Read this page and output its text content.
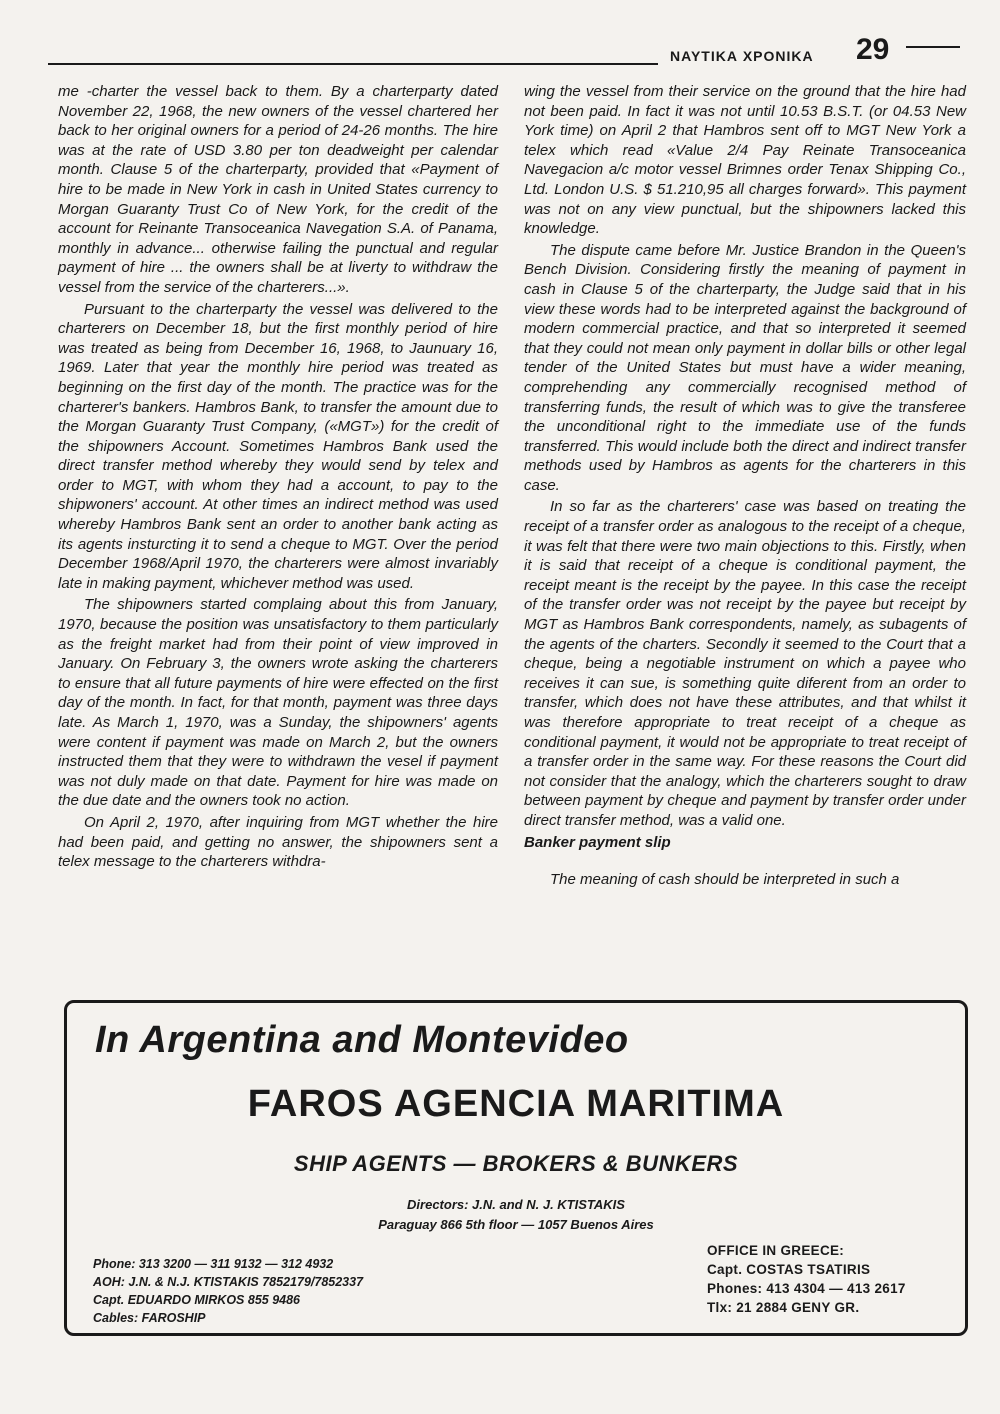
ΝΑΥΤΙΚΑ ΧΡΟΝΙΚΑ 29

me -charter the vessel back to them. By a charterparty dated November 22, 1968, the new owners of the vessel chartered her back to her original owners for a period of 24-26 months. The hire was at the rate of USD 3.80 per ton deadweight per calendar month. Clause 5 of the charterparty, provided that «Payment of hire to be made in New York in cash in United States currency to Morgan Guaranty Trust Co of New York, for the credit of the account for Reinante Transoceanica Navegation S.A. of Panama, monthly in advance... otherwise failing the punctual and regular payment of hire ... the owners shall be at liverty to withdraw the vessel from the service of the charterers...».

Pursuant to the charterparty the vessel was delivered to the charterers on December 18, but the first monthly period of hire was treated as being from December 16, 1968, to Jaunuary 16, 1969. Later that year the monthly hire period was treated as beginning on the first day of the month. The practice was for the charterer's bankers. Hambros Bank, to transfer the amount due to the Morgan Guaranty Trust Company, («MGT») for the credit of the shipowners Account. Sometimes Hambros Bank used the direct transfer method whereby they would send by telex and order to MGT, with whom they had a account, to pay to the shipwoners' account. At other times an indirect method was used whereby Hambros Bank sent an order to another bank acting as its agents insturcting it to send a cheque to MGT. Over the period December 1968/April 1970, the charterers were almost invariably late in making payment, whichever method was used.

The shipowners started complaing about this from January, 1970, because the position was unsatisfactory to them particularly as the freight market had from their point of view improved in January. On February 3, the owners wrote asking the charterers to ensure that all future payments of hire were effected on the first day of the month. In fact, for that month, payment was three days late. As March 1, 1970, was a Sunday, the shipowners' agents were content if payment was made on March 2, but the owners instructed them that they were to withdrawn the vesel if payment was not duly made on that date. Payment for hire was made on the due date and the owners took no action.

On April 2, 1970, after inquiring from MGT whether the hire had been paid, and getting no answer, the shipowners sent a telex message to the charterers withdra-

wing the vessel from their service on the ground that the hire had not been paid. In fact it was not until 10.53 B.S.T. (or 04.53 New York time) on April 2 that Hambros sent off to MGT New York a telex which read «Value 2/4 Pay Reinate Transoceanica Navegacion a/c motor vessel Brimnes order Tenax Shipping Co., Ltd. London U.S. $ 51.210,95 all charges forward». This payment was not on any view punctual, but the shipowners lacked this knowledge.

The dispute came before Mr. Justice Brandon in the Queen's Bench Division. Considering firstly the meaning of payment in cash in Clause 5 of the charterparty, the Judge said that in his view these words had to be interpreted against the background of modern commercial practice, and that so interpreted it seemed that they could not mean only payment in dollar bills or other legal tender of the United States but must have a wider meaning, comprehending any commercially recognised method of transferring funds, the result of which was to give the transferee the unconditional right to the immediate use of the funds transferred. This would include both the direct and indirect transfer methods used by Hambros as agents for the charterers in this case.

In so far as the charterers' case was based on treating the receipt of a transfer order as analogous to the receipt of a cheque, it was felt that there were two main objections to this. Firstly, when it is said that receipt of a cheque is conditional payment, the receipt meant is the receipt by the payee. In this case the receipt of the transfer order was not receipt by the payee but receipt by MGT as Hambros Bank correspondents, namely, as subagents of the agents of the charters. Secondly it seemed to the Court that a cheque, being a negotiable instrument on which a payee who receives it can sue, is something quite diferent from an order to transfer, which does not have these attributes, and that whilst it was therefore appropriate to treat receipt of a cheque as conditional payment, it would not be appropriate to treat receipt of a transfer order in the same way. For these reasons the Court did not consider that the analogy, which the charterers sought to draw between payment by cheque and payment by transfer order under direct transfer method, was a valid one.

Banker payment slip

The meaning of cash should be interpreted in such a

In Argentina and Montevideo
FAROS AGENCIA MARITIMA
SHIP AGENTS — BROKERS & BUNKERS
Directors: J.N. and N. J. KTISTAKIS
Paraguay 866 5th floor — 1057 Buenos Aires
Phone: 313 3200 — 311 9132 — 312 4932
AOH: J.N. & N.J. KTISTAKIS 7852179/7852337
Capt. EDUARDO MIRKOS 855 9486
Cables: FAROSHIP
OFFICE IN GREECE:
Capt. COSTAS TSATIRIS
Phones: 413 4304 — 413 2617
Tlx: 21 2884 GENY GR.
